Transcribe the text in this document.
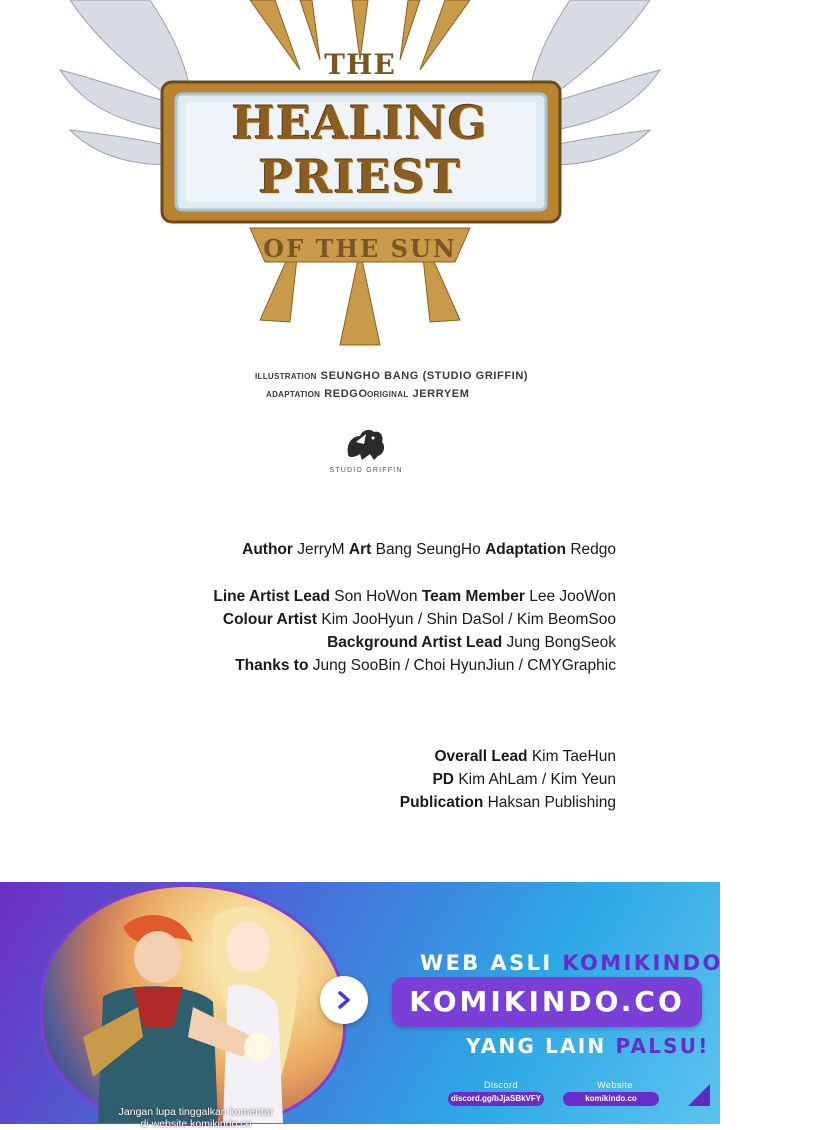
THE
HEALING
PRIEST
OF THE SUN
ILLUSTRATION SEUNGHO BANG (STUDIO GRIFFIN)
ADAPTATION REDGO ORIGINAL JERRYEM
STUDIO GRIFFIN
Author JerryM Art Bang SeungHo Adaptation Redgo
Line Artist Lead Son HoWon Team Member Lee JooWon
Colour Artist Kim JooHyun / Shin DaSol / Kim BeomSoo
Background Artist Lead Jung BongSeok
Thanks to Jung SooBin / Choi HyunJiun / CMYGraphic
Overall Lead Kim TaeHun
PD Kim AhLam / Kim Yeun
Publication Haksan Publishing
Jangan lupa tinggalkan komentar
di website komikindo.co
WEB ASLI KOMIKINDO HANYA
KOMIKINDO.CO
YANG LAIN PALSU!
Discord
discord.gg/bJjaSBkVFY
Website
komikindo.co
